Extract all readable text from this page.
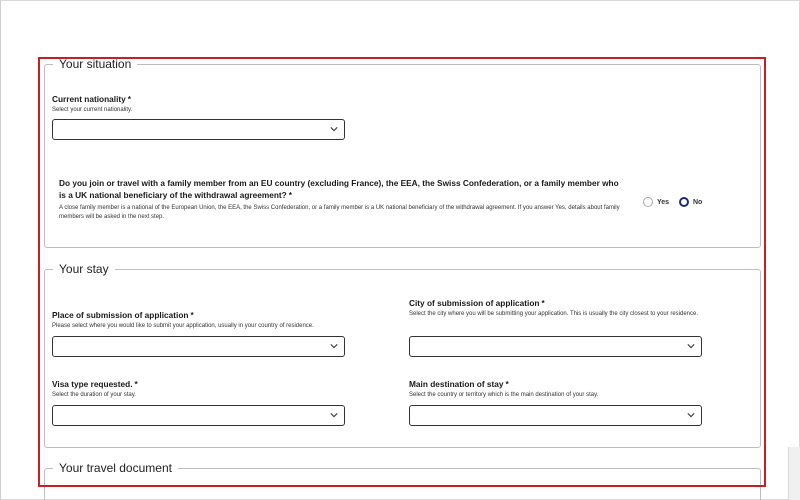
Your situation
Current nationality *
Select your current nationality.
Do you join or travel with a family member from an EU country (excluding France), the EEA, the Swiss Confederation, or a family member who is a UK national beneficiary of the withdrawal agreement? *
A close family member is a national of the European Union, the EEA, the Swiss Confederation, or a family member is a UK national beneficiary of the withdrawal agreement. If you answer Yes, details about family members will be asked in the next step.
Yes	No
Your stay
Place of submission of application *
Please select where you would like to submit your application, usually in your country of residence.
City of submission of application *
Select the city where you will be submitting your application. This is usually the city closest to your residence.
Visa type requested. *
Select the duration of your stay.
Main destination of stay *
Select the country or territory which is the main destination of your stay.
Your travel document
